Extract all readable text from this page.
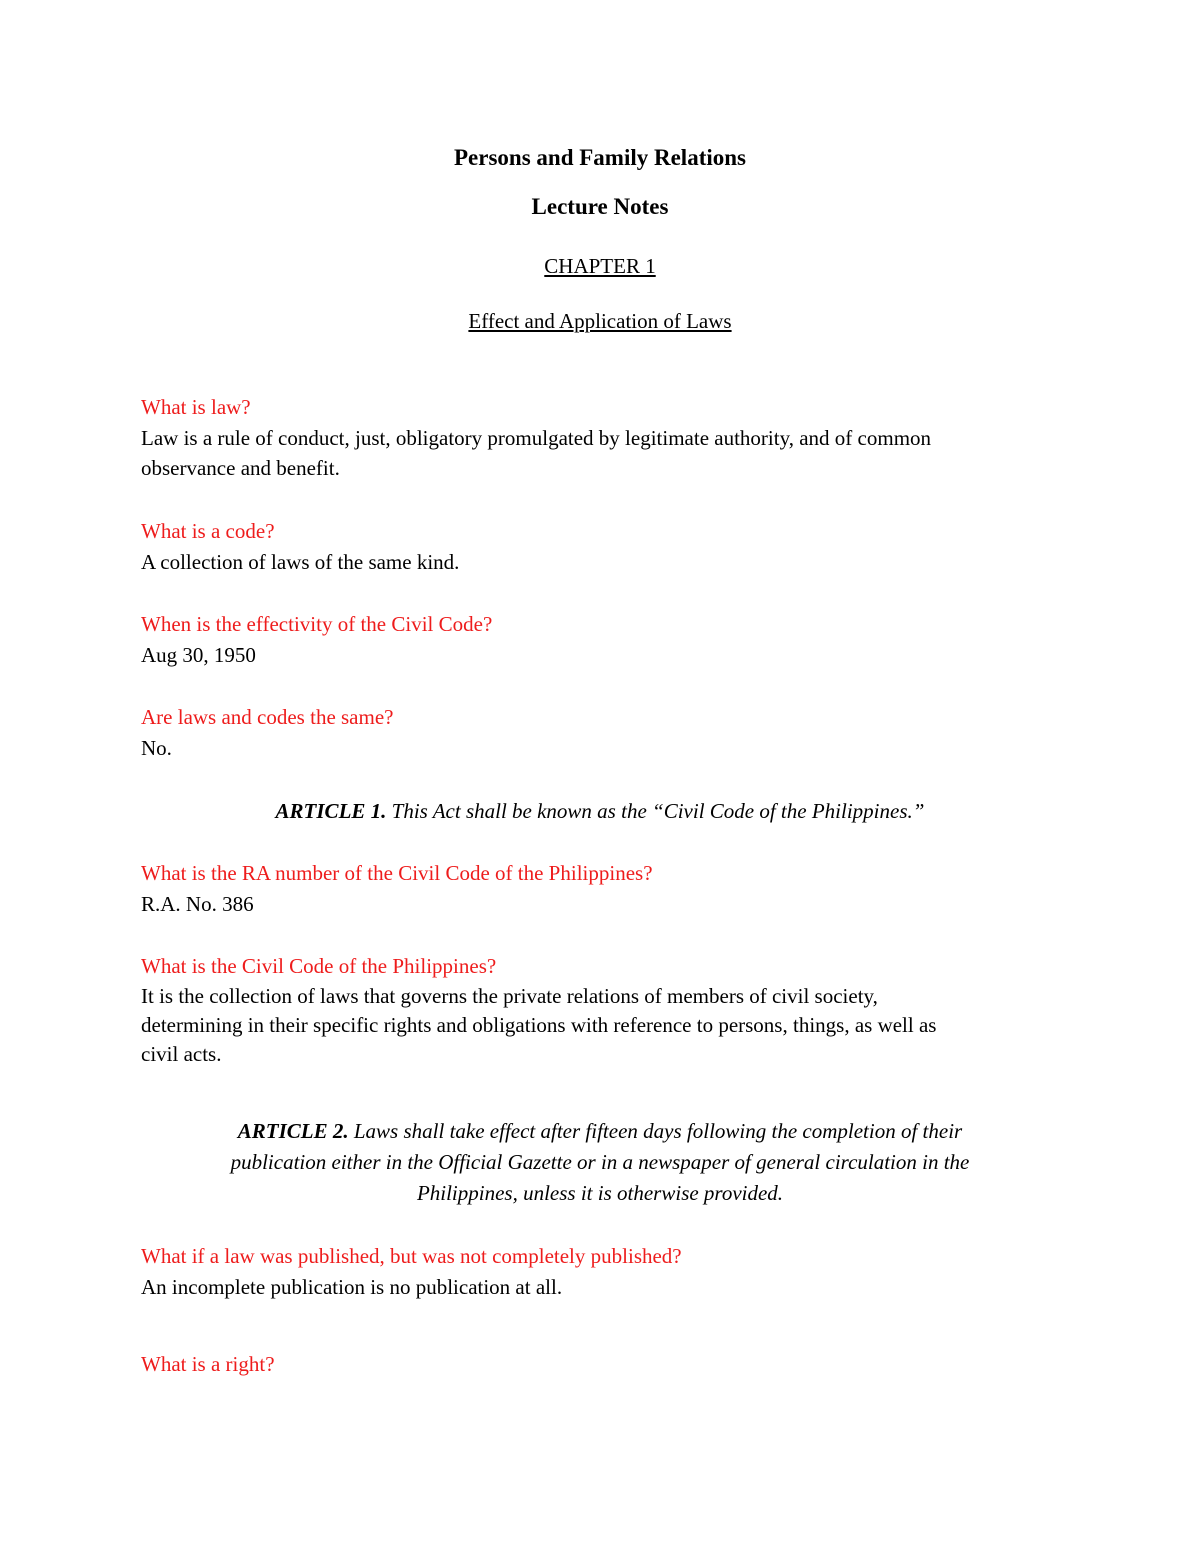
Persons and Family Relations
Lecture Notes
CHAPTER 1
Effect and Application of Laws
What is law?
Law is a rule of conduct, just, obligatory promulgated by legitimate authority, and of common
observance and benefit.
What is a code?
A collection of laws of the same kind.
When is the effectivity of the Civil Code?
Aug 30, 1950
Are laws and codes the same?
No.
ARTICLE 1. This Act shall be known as the “Civil Code of the Philippines.”
What is the RA number of the Civil Code of the Philippines?
R.A. No. 386
What is the Civil Code of the Philippines?
It is the collection of laws that governs the private relations of members of civil society,
determining in their specific rights and obligations with reference to persons, things, as well as
civil acts.
ARTICLE 2. Laws shall take effect after fifteen days following the completion of their
publication either in the Official Gazette or in a newspaper of general circulation in the
Philippines, unless it is otherwise provided.
What if a law was published, but was not completely published?
An incomplete publication is no publication at all.
What is a right?
